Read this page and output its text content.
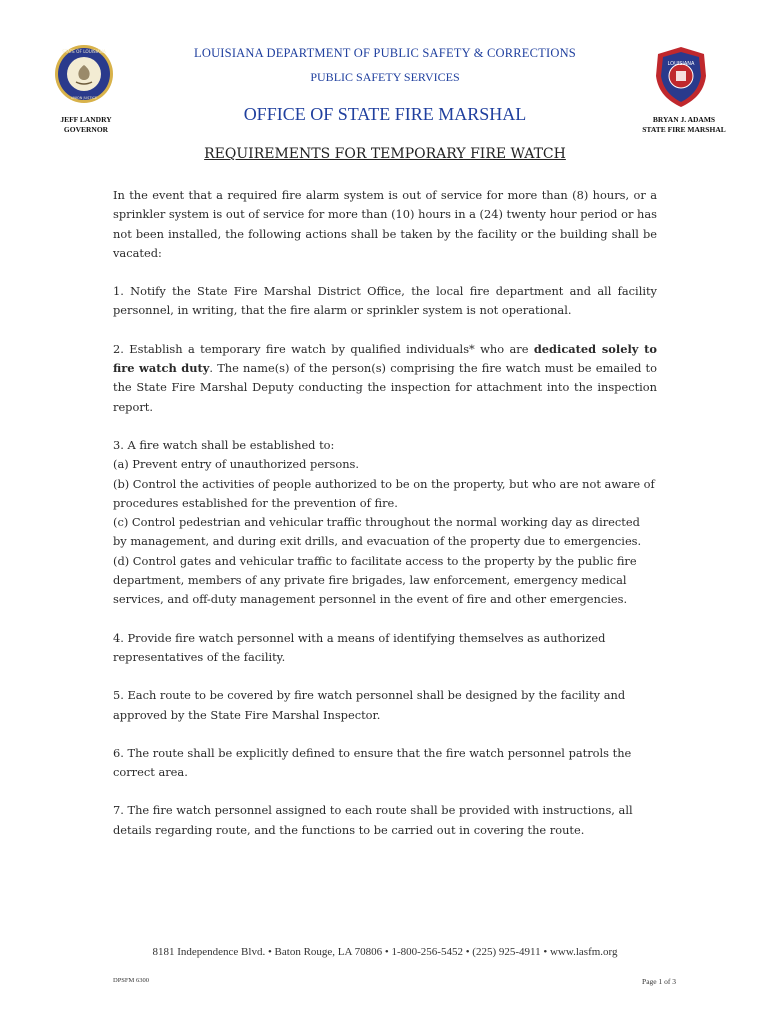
STATE OF LOUISIANA
UNION JUSTICE
LOUISIANA
LOUISIANA DEPARTMENT OF PUBLIC SAFETY & CORRECTIONS
PUBLIC SAFETY SERVICES
OFFICE OF STATE FIRE MARSHAL
JEFF LANDRY
GOVERNOR
BRYAN J. ADAMS
STATE FIRE MARSHAL
REQUIREMENTS FOR TEMPORARY FIRE WATCH

In the event that a required fire alarm system is out of service for more than (8) hours, or a sprinkler system is out of service for more than (10) hours in a (24) twenty hour period or has not been installed, the following actions shall be taken by the facility or the building shall be vacated:

1. Notify the State Fire Marshal District Office, the local fire department and all facility personnel, in writing, that the fire alarm or sprinkler system is not operational.

2. Establish a temporary fire watch by qualified individuals* who are dedicated solely to fire watch duty. The name(s) of the person(s) comprising the fire watch must be emailed to the State Fire Marshal Deputy conducting the inspection for attachment into the inspection report.

3. A fire watch shall be established to:
(a) Prevent entry of unauthorized persons.
(b) Control the activities of people authorized to be on the property, but who are not aware of procedures established for the prevention of fire.
(c) Control pedestrian and vehicular traffic throughout the normal working day as directed by management, and during exit drills, and evacuation of the property due to emergencies.
(d) Control gates and vehicular traffic to facilitate access to the property by the public fire department, members of any private fire brigades, law enforcement, emergency medical services, and off-duty management personnel in the event of fire and other emergencies.

4. Provide fire watch personnel with a means of identifying themselves as authorized representatives of the facility.

5. Each route to be covered by fire watch personnel shall be designed by the facility and approved by the State Fire Marshal Inspector.

6. The route shall be explicitly defined to ensure that the fire watch personnel patrols the correct area.

7. The fire watch personnel assigned to each route shall be provided with instructions, all details regarding route, and the functions to be carried out in covering the route.

8181 Independence Blvd. • Baton Rouge, LA 70806 • 1-800-256-5452 • (225) 925-4911 • www.lasfm.org
DPSFM 6300	Page 1 of 3
